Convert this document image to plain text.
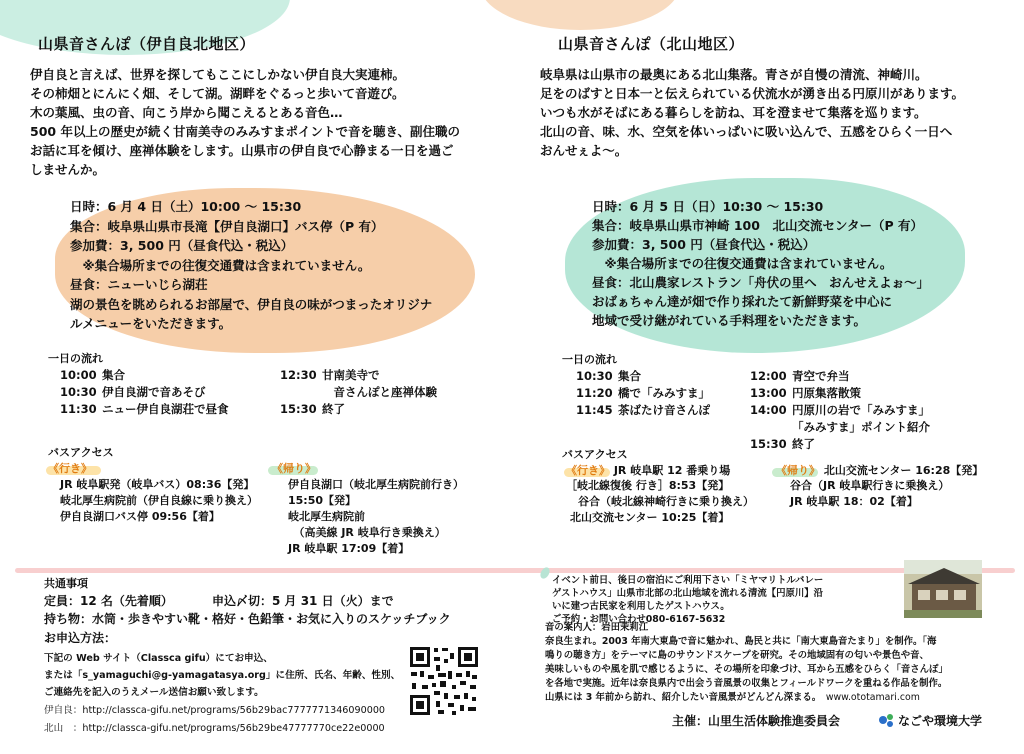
山県音さんぽ（伊自良北地区）
伊自良と言えば、世界を探してもここにしかない伊自良大実連柿。
その柿畑とにんにく畑、そして湖。湖畔をぐるっと歩いて音遊び。
木の葉風、虫の音、向こう岸から聞こえるとある音色…
500 年以上の歴史が続く甘南美寺のみみすまポイントで音を聴き、副住職の
お話に耳を傾け、座禅体験をします。山県市の伊自良で心静まる一日を過ご
しませんか。
日時：6 月 4 日（土）10:00 ～ 15:30
集合：岐阜県山県市長滝【伊自良湖口】バス停（P 有）
参加費：3, 500 円（昼食代込・税込）
　※集合場所までの往復交通費は含まれていません。
昼食：ニューいじら湖荘
湖の景色を眺められるお部屋で、伊自良の味がつまったオリジナ
ルメニューをいただきます。
一日の流れ
10:00 集合
10:30 伊自良湖で音あそび
11:30 ニュー伊自良湖荘で昼食
12:30 甘南美寺で
　音さんぽと座禅体験
15:30 終了
バスアクセス
《行き》
JR 岐阜駅発（岐阜バス）08:36【発】
岐北厚生病院前（伊自良線に乗り換え）
伊自良湖口バス停 09:56【着】
《帰り》
伊自良湖口（岐北厚生病院前行き）
15:50【発】
岐北厚生病院前
　（高美線 JR 岐阜行き乗換え）
JR 岐阜駅 17:09【着】
共通事項
定員：12 名（先着順）	申込〆切：5 月 31 日（火）まで
持ち物：水筒・歩きやすい靴・格好・色鉛筆・お気に入りのスケッチブック
お申込方法：
下記の Web サイト（Classca gifu）にてお申込、
または「s_yamaguchi@g-yamagatasya.org」に住所、氏名、年齢、性別、
ご連絡先を記入のうえメール送信お願い致します。
伊自良：http://classca-gifu.net/programs/56b29bac7777771346090000
北山　：http://classca-gifu.net/programs/56b29be47777770ce22e0000
山県音さんぽ（北山地区）
岐阜県は山県市の最奥にある北山集落。青さが自慢の清流、神崎川。
足をのばすと日本一と伝えられている伏流水が湧き出る円原川があります。
いつも水がそばにある暮らしを訪ね、耳を澄ませて集落を巡ります。
北山の音、味、水、空気を体いっぱいに吸い込んで、五感をひらく一日へ
おんせぇよ～。
日時：6 月 5 日（日）10:30 ～ 15:30
集合：岐阜県山県市神崎 100　北山交流センター（P 有）
参加費：3, 500 円（昼食代込・税込）
　※集合場所までの往復交通費は含まれていません。
昼食：北山農家レストラン「舟伏の里へ　おんせえよぉ～」
おばぁちゃん達が畑で作り採れたて新鮮野菜を中心に
地域で受け継がれている手料理をいただきます。
一日の流れ
10:30 集合
11:20 橋で「みみすま」
11:45 茶ばたけ音さんぽ
12:00 青空で弁当
13:00 円原集落散策
14:00 円原川の岩で「みみすま」
「みみすま」ポイント紹介
15:30 終了
バスアクセス
《行き》 JR 岐阜駅 12 番乗り場
［岐北線復後 行き］8:53【発】
谷合（岐北線神崎行きに乗り換え）
北山交流センター 10:25【着】
《帰り》 北山交流センター 16:28【発】
谷合（JR 岐阜駅行きに乗換え）
JR 岐阜駅 18：02【着】
イベント前日、後日の宿泊にご利用下さい「ミヤマリトルバレー
ゲストハウス」山県市北部の北山地域を流れる清流【円原川】沿
いに建つ古民家を利用したゲストハウス。
ご予約・お問い合わせ080-6167-5632
音の案内人：岩田茉莉江
奈良生まれ。2003 年南大東島で音に魅かれ、島民と共に「南大東島音たまり」を制作。「海
鳴りの聴き方」をテーマに島のサウンドスケープを研究。その地域固有の匂いや景色や音、
美味しいものや風を肌で感じるように、その場所を印象づけ、耳から五感をひらく「音さんぽ」
を各地で実施。近年は奈良県内で出会う音風景の収集とフィールドワークを重ねる作品を制作。
山県には 3 年前から訪れ、紹介したい音風景がどんどん深まる。　 www.ototamari.com
主催：山里生活体験推進委員会	なごや環境大学
